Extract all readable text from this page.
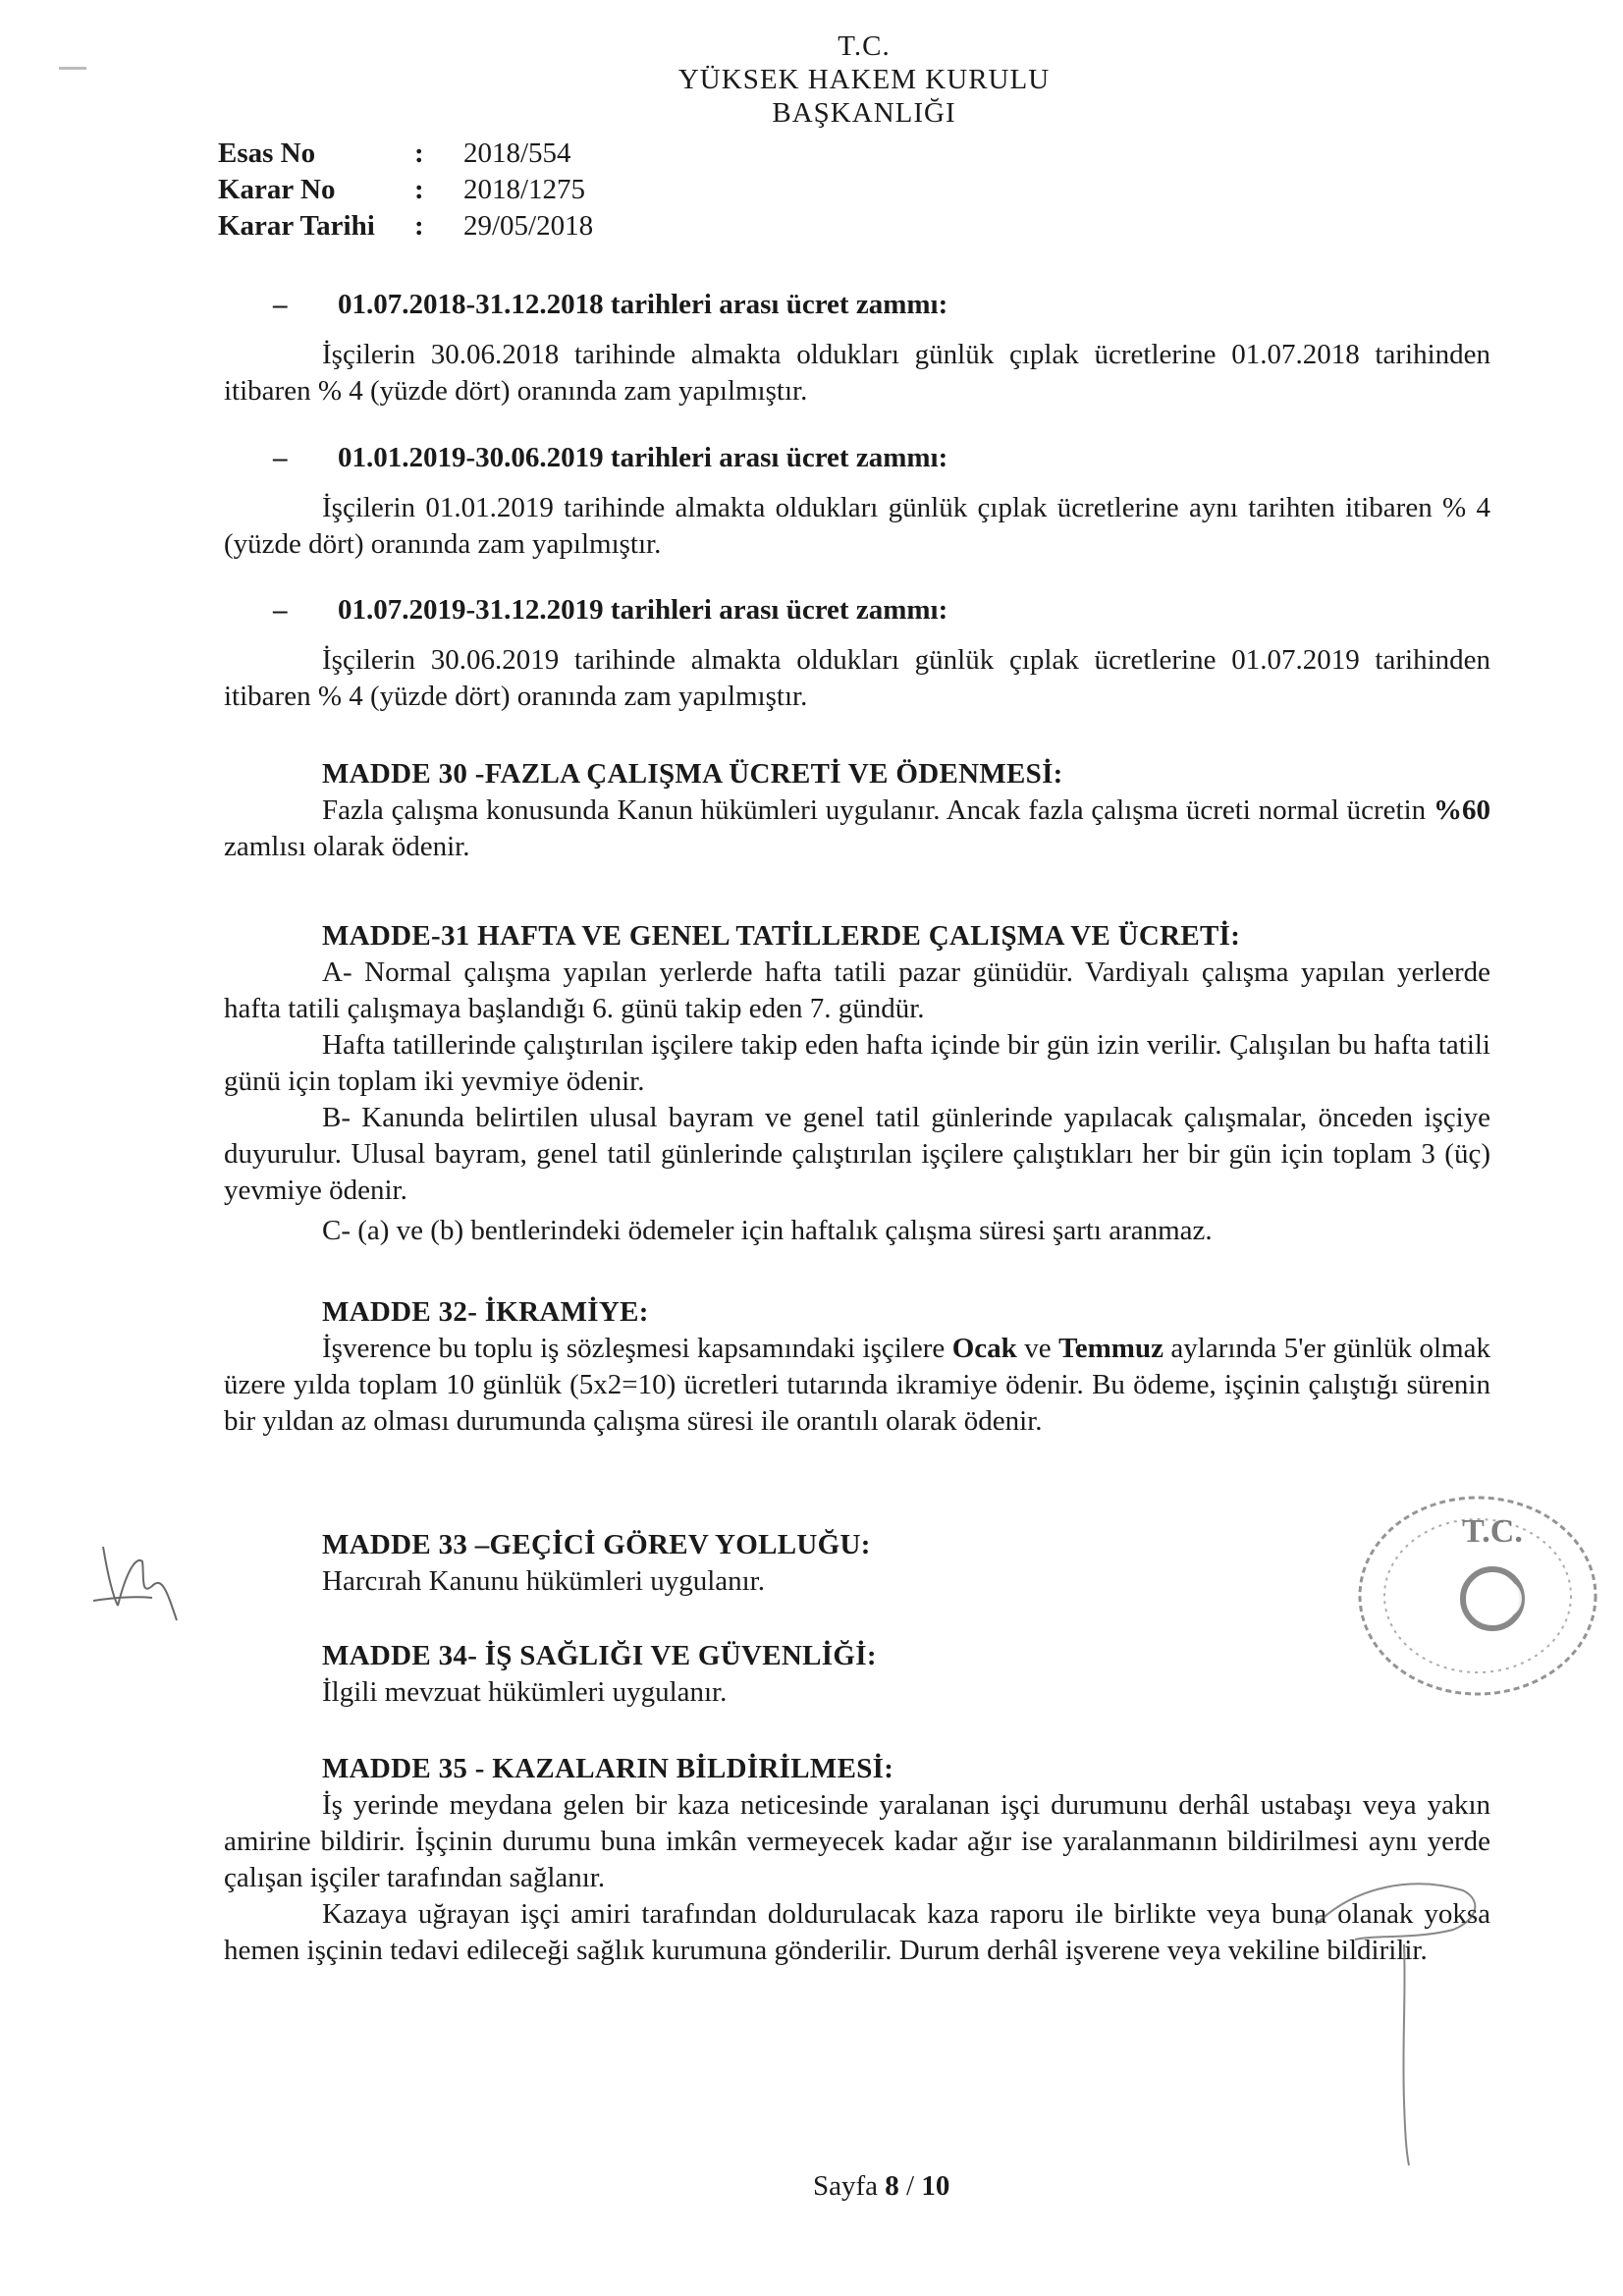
T.C.
YÜKSEK HAKEM KURULU
BAŞKANLIĞI
Esas No	:	2018/554
Karar No	:	2018/1275
Karar Tarihi	:	29/05/2018
– 01.07.2018-31.12.2018 tarihleri arası ücret zammı:
İşçilerin 30.06.2018 tarihinde almakta oldukları günlük çıplak ücretlerine 01.07.2018 tarihinden itibaren % 4 (yüzde dört) oranında zam yapılmıştır.
– 01.01.2019-30.06.2019 tarihleri arası ücret zammı:
İşçilerin 01.01.2019 tarihinde almakta oldukları günlük çıplak ücretlerine aynı tarihten itibaren % 4 (yüzde dört) oranında zam yapılmıştır.
– 01.07.2019-31.12.2019 tarihleri arası ücret zammı:
İşçilerin 30.06.2019 tarihinde almakta oldukları günlük çıplak ücretlerine 01.07.2019 tarihinden itibaren % 4 (yüzde dört) oranında zam yapılmıştır.
MADDE 30 -FAZLA ÇALIŞMA ÜCRETİ VE ÖDENMESİ:
Fazla çalışma konusunda Kanun hükümleri uygulanır. Ancak fazla çalışma ücreti normal ücretin %60 zamlısı olarak ödenir.
MADDE-31 HAFTA VE GENEL TATİLLERDE ÇALIŞMA VE ÜCRETİ:
A- Normal çalışma yapılan yerlerde hafta tatili pazar günüdür. Vardiyalı çalışma yapılan yerlerde hafta tatili çalışmaya başlandığı 6. günü takip eden 7. gündür.
Hafta tatillerinde çalıştırılan işçilere takip eden hafta içinde bir gün izin verilir. Çalışılan bu hafta tatili günü için toplam iki yevmiye ödenir.
B- Kanunda belirtilen ulusal bayram ve genel tatil günlerinde yapılacak çalışmalar, önceden işçiye duyurulur. Ulusal bayram, genel tatil günlerinde çalıştırılan işçilere çalıştıkları her bir gün için toplam 3 (üç) yevmiye ödenir.
C- (a) ve (b) bentlerindeki ödemeler için haftalık çalışma süresi şartı aranmaz.
MADDE 32- İKRAMİYE:
İşverence bu toplu iş sözleşmesi kapsamındaki işçilere Ocak ve Temmuz aylarında 5'er günlük olmak üzere yılda toplam 10 günlük (5x2=10) ücretleri tutarında ikramiye ödenir. Bu ödeme, işçinin çalıştığı sürenin bir yıldan az olması durumunda çalışma süresi ile orantılı olarak ödenir.
MADDE 33 –GEÇİCİ GÖREV YOLLUĞU:
Harcırah Kanunu hükümleri uygulanır.
MADDE 34- İŞ SAĞLIĞI VE GÜVENLİĞİ:
İlgili mevzuat hükümleri uygulanır.
MADDE 35 - KAZALARIN BİLDİRİLMESİ:
İş yerinde meydana gelen bir kaza neticesinde yaralanan işçi durumunu derhâl ustabaşı veya yakın amirine bildirir. İşçinin durumu buna imkân vermeyecek kadar ağır ise yaralanmanın bildirilmesi aynı yerde çalışan işçiler tarafından sağlanır.
Kazaya uğrayan işçi amiri tarafından doldurulacak kaza raporu ile birlikte veya buna olanak yoksa hemen işçinin tedavi edileceği sağlık kurumuna gönderilir. Durum derhâl işverene veya vekiline bildirilir.
Sayfa 8 / 10
T.C.
